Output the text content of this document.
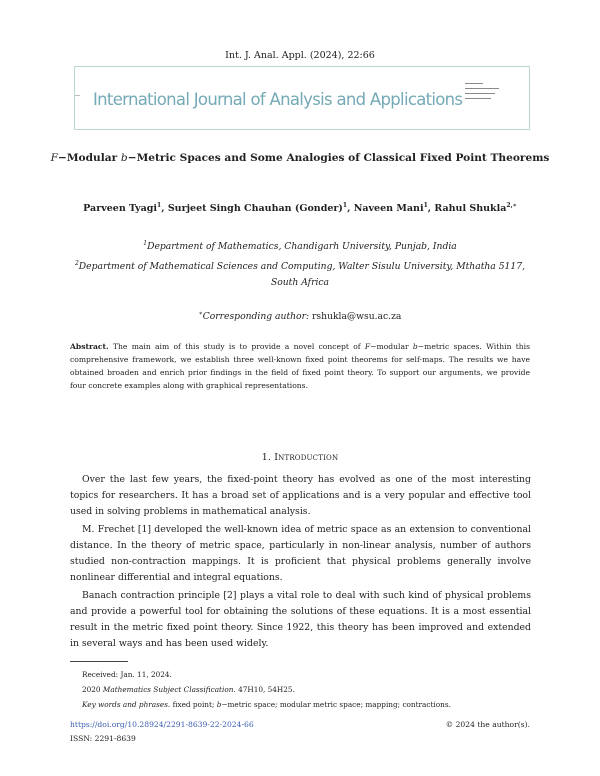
Int. J. Anal. Appl. (2024), 22:66
International Journal of Analysis and Applications
F−Modular b−Metric Spaces and Some Analogies of Classical Fixed Point Theorems
Parveen Tyagi$^1$, Surjeet Singh Chauhan (Gonder)$^1$, Naveen Mani$^1$, Rahul Shukla$^{2,∗}$
$^1$Department of Mathematics, Chandigarh University, Punjab, India
$^2$Department of Mathematical Sciences and Computing, Walter Sisulu University, Mthatha 5117, South Africa
∗Corresponding author: rshukla@wsu.ac.za
Abstract. The main aim of this study is to provide a novel concept of F−modular b−metric spaces. Within this comprehensive framework, we establish three well-known fixed point theorems for self-maps. The results we have obtained broaden and enrich prior findings in the field of fixed point theory. To support our arguments, we provide four concrete examples along with graphical representations.
1. Introduction
Over the last few years, the fixed-point theory has evolved as one of the most interesting topics for researchers. It has a broad set of applications and is a very popular and effective tool used in solving problems in mathematical analysis.
M. Frechet [1] developed the well-known idea of metric space as an extension to conventional distance. In the theory of metric space, particularly in non-linear analysis, number of authors studied non-contraction mappings. It is proficient that physical problems generally involve nonlinear differential and integral equations.
Banach contraction principle [2] plays a vital role to deal with such kind of physical problems and provide a powerful tool for obtaining the solutions of these equations. It is a most essential result in the metric fixed point theory. Since 1922, this theory has been improved and extended in several ways and has been used widely.
Received: Jan. 11, 2024.
2020 Mathematics Subject Classification. 47H10, 54H25.
Key words and phrases. fixed point; b−metric space; modular metric space; mapping; contractions.
https://doi.org/10.28924/2291-8639-22-2024-66
ISSN: 2291-8639
© 2024 the author(s).
